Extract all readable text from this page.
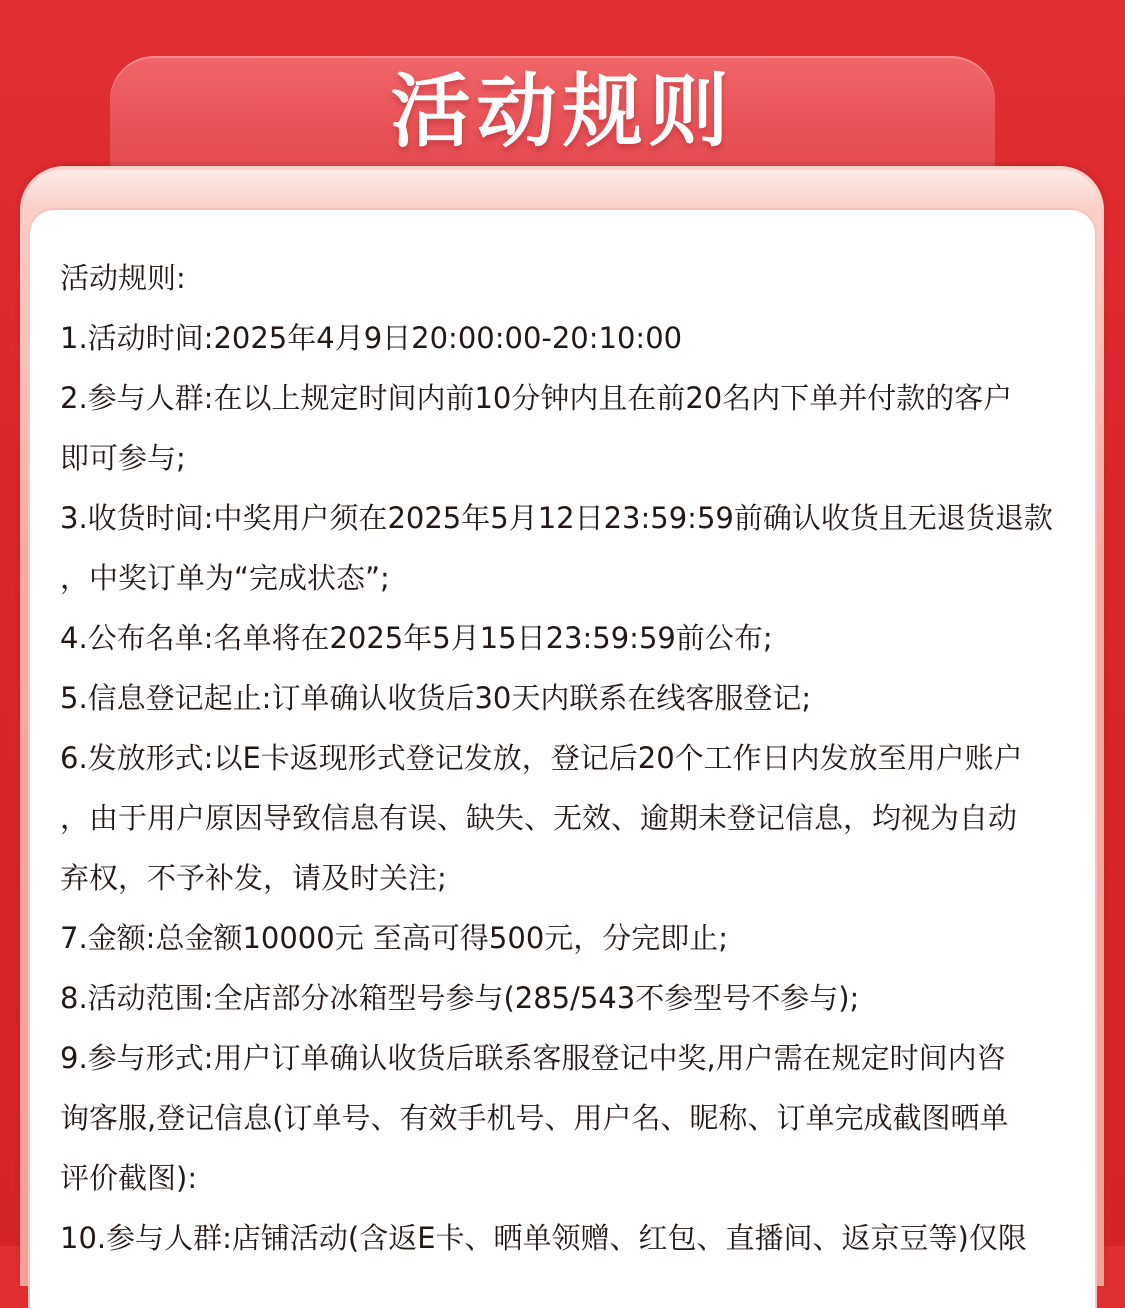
活动规则
活动规则:
1.活动时间:2025年4月9日20:00:00-20:10:00
2.参与人群:在以上规定时间内前10分钟内且在前20名内下单并付款的客户
即可参与;
3.收货时间:中奖用户须在2025年5月12日23:59:59前确认收货且无退货退款
，中奖订单为“完成状态”;
4.公布名单:名单将在2025年5月15日23:59:59前公布;
5.信息登记起止:订单确认收货后30天内联系在线客服登记;
6.发放形式:以E卡返现形式登记发放，登记后20个工作日内发放至用户账户
，由于用户原因导致信息有误、缺失、无效、逾期未登记信息，均视为自动
弃权，不予补发，请及时关注;
7.金额:总金额10000元 至高可得500元，分完即止;
8.活动范围:全店部分冰箱型号参与(285/543不参型号不参与);
9.参与形式:用户订单确认收货后联系客服登记中奖,用户需在规定时间内咨
询客服,登记信息(订单号、有效手机号、用户名、昵称、订单完成截图晒单
评价截图):
10.参与人群:店铺活动(含返E卡、晒单领赠、红包、直播间、返京豆等)仅限
